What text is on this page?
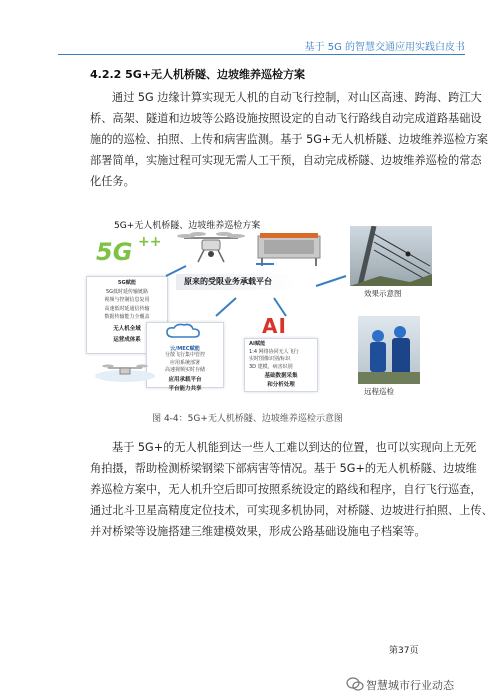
基于 5G 的智慧交通应用实践白皮书
4.2.2 5G+无人机桥隧、边坡维养巡检方案
通过 5G 边缘计算实现无人机的自动飞行控制，对山区高速、跨海、跨江大
桥、高架、隧道和边坡等公路设施按照设定的自动飞行路线自动完成道路基础设
施的的巡检、拍照、上传和病害监测。基于 5G+无人机桥隧、边坡维养巡检方案
部署简单，实施过程可实现无需人工干预，自动完成桥隧、边坡维养巡检的常态
化任务。
5G+无人机桥隧、边坡维养巡检方案
5G ++
5G赋能
5G低时延传输链路
视频与控制信息复用
高速低时延通信传输
数据传输能力全覆盖
无人机全域
运营成体系
原来的受限业务承载平台
效果示意图
远程巡检
云/MEC赋能
分散飞行集中管控
应用系统部署
高速视频实时存储
应用承载平台
平台能力共享
AI
AI赋能
1:4 网络协同无人飞行
实时图像识别/标识
3D 建模，病害识别
基础数据采集
和分析处理
图 4-4：5G+无人机桥隧、边坡维养巡检示意图
基于 5G+的无人机能到达一些人工难以到达的位置，也可以实现向上无死
角拍摄，帮助检测桥梁钢梁下部病害等情况。基于 5G+的无人机桥隧、边坡维
养巡检方案中，无人机升空后即可按照系统设定的路线和程序，自行飞行巡查，
通过北斗卫星高精度定位技术，可实现多机协同，对桥隧、边坡进行拍照、上传、
并对桥梁等设施搭建三维建模效果，形成公路基础设施电子档案等。
第37页
智慧城市行业动态
